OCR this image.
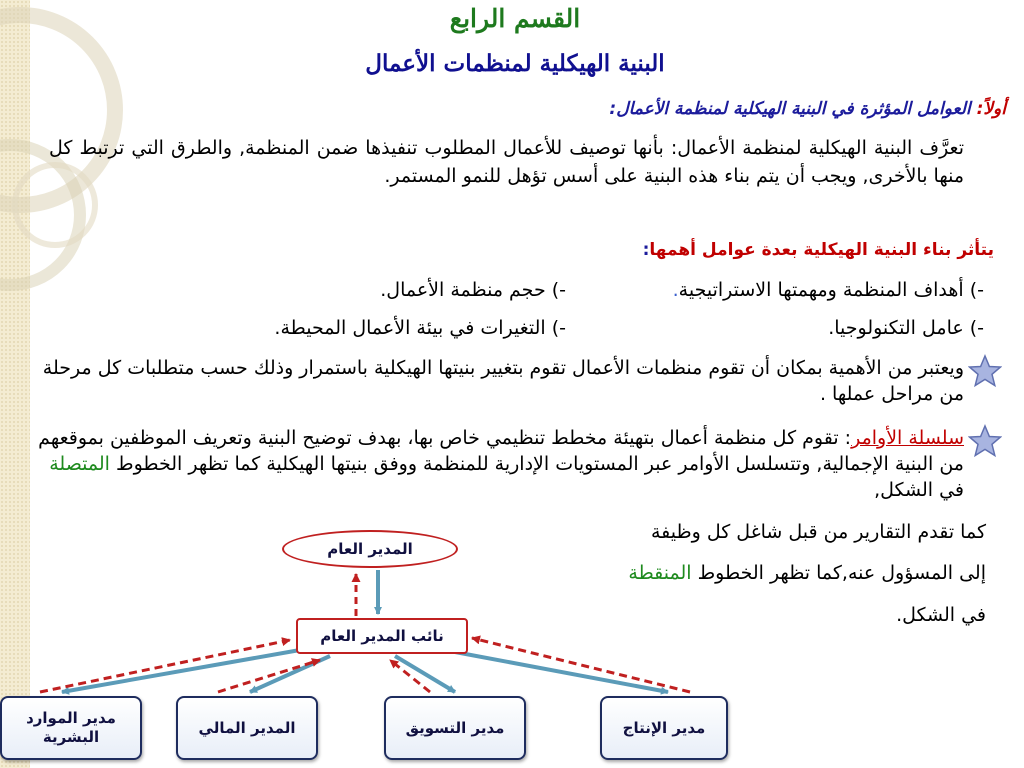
القسم الرابع
البنية الهيكلية لمنظمات الأعمال

أولاً: العوامل المؤثرة في البنية الهيكلية لمنظمة الأعمال:

تعرَّف البنية الهيكلية لمنظمة الأعمال: بأنها توصيف للأعمال المطلوب تنفيذها ضمن المنظمة, والطرق التي ترتبط كل منها بالأخرى, ويجب أن يتم بناء هذه البنية على أسس تؤهل للنمو المستمر.

يتأثر بناء البنية الهيكلية بعدة عوامل أهمها:

-) أهداف المنظمة ومهمتها الاستراتيجية.
-) حجم منظمة الأعمال.
-) عامل التكنولوجيا.
-) التغيرات في بيئة الأعمال المحيطة.

ويعتبر من الأهمية بمكان أن تقوم منظمات الأعمال تقوم بتغيير بنيتها الهيكلية باستمرار وذلك حسب متطلبات كل مرحلة من مراحل عملها .

سلسلة الأوامر: تقوم كل منظمة أعمال بتهيئة مخطط تنظيمي خاص بها، بهدف توضيح البنية وتعريف الموظفين بموقعهم من البنية الإجمالية, وتتسلسل الأوامر عبر المستويات الإدارية للمنظمة ووفق بنيتها الهيكلية كما تظهر الخطوط المتصلة في الشكل,

كما تقدم التقارير من قبل شاغل كل وظيفة

إلى المسؤول عنه,كما تظهر الخطوط المنقطة

في الشكل.

المدير العام
نائب المدير العام
مدير الموارد البشرية
المدير المالي	مدير التسويق	مدير الإنتاج
